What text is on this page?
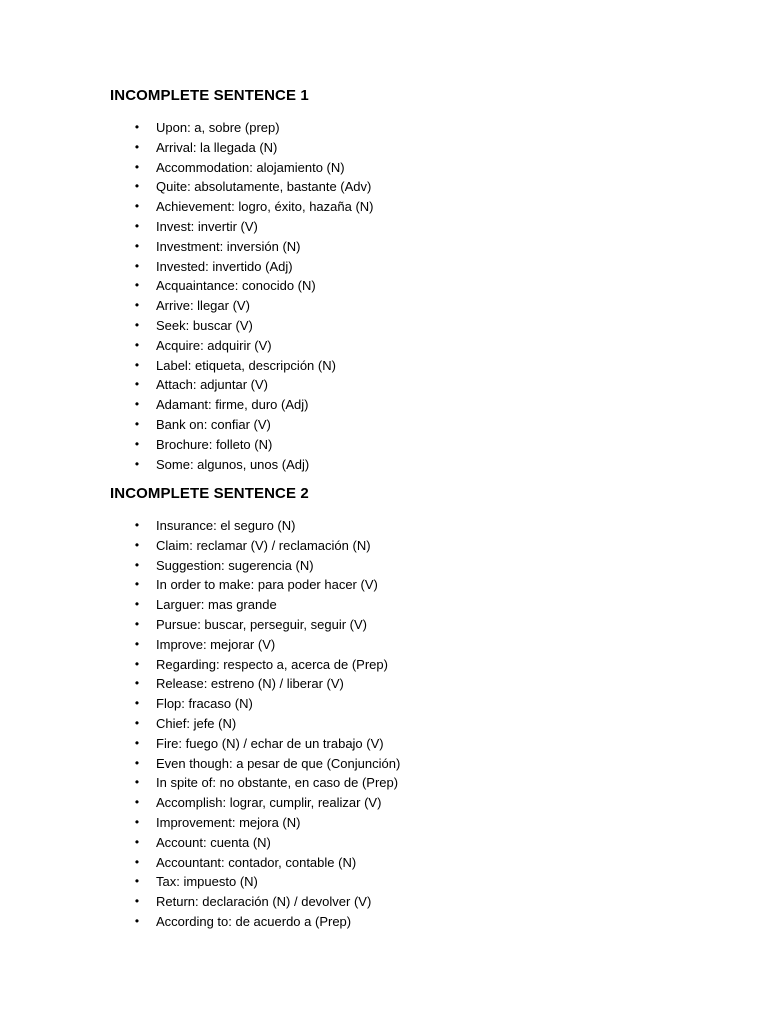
INCOMPLETE SENTENCE 1
• Upon: a, sobre (prep)
• Arrival: la llegada (N)
• Accommodation: alojamiento (N)
• Quite: absolutamente, bastante (Adv)
• Achievement: logro, éxito, hazaña (N)
• Invest: invertir (V)
• Investment: inversión (N)
• Invested: invertido (Adj)
• Acquaintance: conocido (N)
• Arrive: llegar (V)
• Seek: buscar (V)
• Acquire: adquirir (V)
• Label: etiqueta, descripción (N)
• Attach: adjuntar (V)
• Adamant: firme, duro (Adj)
• Bank on: confiar (V)
• Brochure: folleto (N)
• Some: algunos, unos (Adj)
INCOMPLETE SENTENCE 2
• Insurance: el seguro (N)
• Claim: reclamar (V) / reclamación (N)
• Suggestion: sugerencia (N)
• In order to make: para poder hacer (V)
• Larguer: mas grande
• Pursue: buscar, perseguir, seguir (V)
• Improve: mejorar (V)
• Regarding: respecto a, acerca de (Prep)
• Release: estreno (N) / liberar (V)
• Flop: fracaso (N)
• Chief: jefe (N)
• Fire: fuego (N) / echar de un trabajo (V)
• Even though: a pesar de que (Conjunción)
• In spite of: no obstante, en caso de (Prep)
• Accomplish: lograr, cumplir, realizar (V)
• Improvement: mejora (N)
• Account: cuenta (N)
• Accountant: contador, contable (N)
• Tax: impuesto (N)
• Return: declaración (N) / devolver (V)
• According to: de acuerdo a (Prep)
